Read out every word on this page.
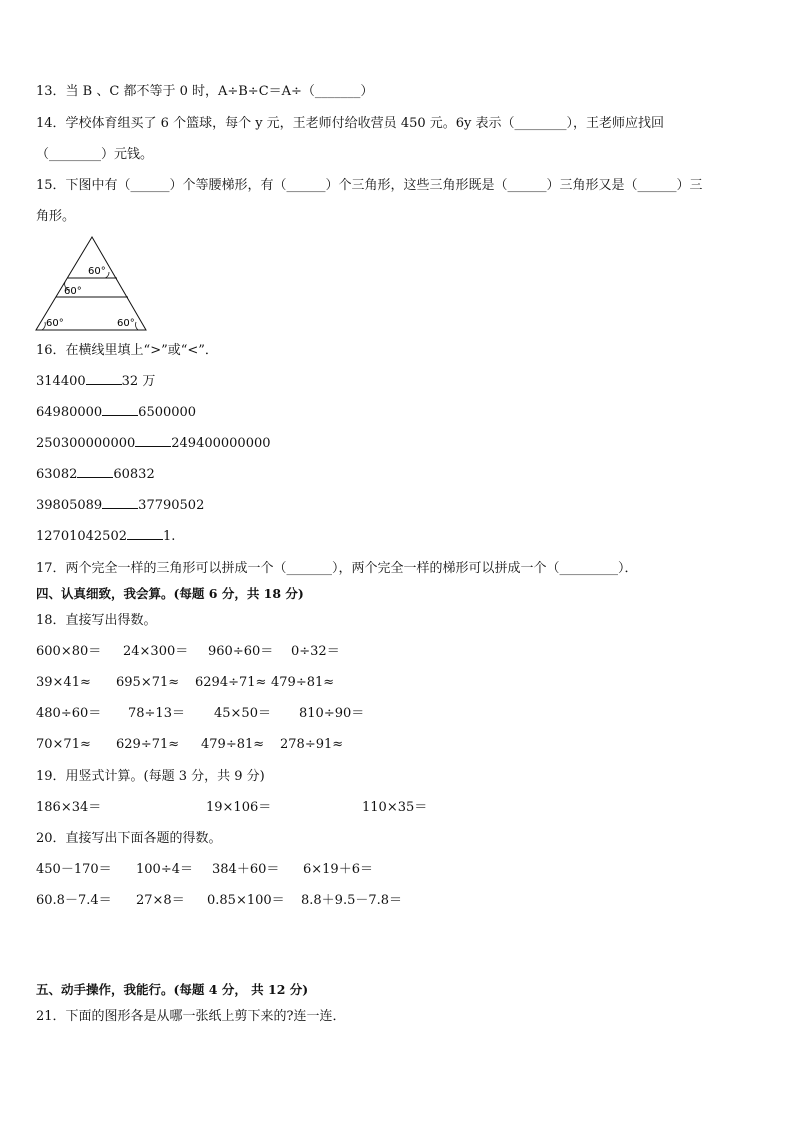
13．当 B 、C 都不等于 0 时，A÷B÷C＝A÷（_______）
14．学校体育组买了 6 个篮球，每个 y 元，王老师付给收营员 450 元。6y 表示（________），王老师应找回
（________）元钱。
15．下图中有（______）个等腰梯形，有（______）个三角形，这些三角形既是（______）三角形又是（______）三
角形。
60°
60°
60°	60°
16．在横线里填上“>”或“<”．
314400	32 万
64980000	6500000
250300000000	249400000000
63082	60832
39805089	37790502
12701042502	1.
17．两个完全一样的三角形可以拼成一个（_______），两个完全一样的梯形可以拼成一个（_________）．
四、认真细致，我会算。(每题 6 分，共 18 分)
18．直接写出得数。
600×80＝ 24×300＝ 960÷60＝ 0÷32＝
39×41≈ 695×71≈ 6294÷71≈ 479÷81≈
480÷60＝ 78÷13＝ 45×50＝ 810÷90＝
70×71≈ 629÷71≈ 479÷81≈ 278÷91≈
19．用竖式计算。(每题 3 分，共 9 分)
186×34＝	19×106＝	110×35＝
20．直接写出下面各题的得数。
450－170＝ 100÷4＝ 384＋60＝ 6×19＋6＝
60.8－7.4＝ 27×8＝ 0.85×100＝ 8.8＋9.5－7.8＝
五、动手操作，我能行。(每题 4 分， 共 12 分)
21．下面的图形各是从哪一张纸上剪下来的?连一连．
